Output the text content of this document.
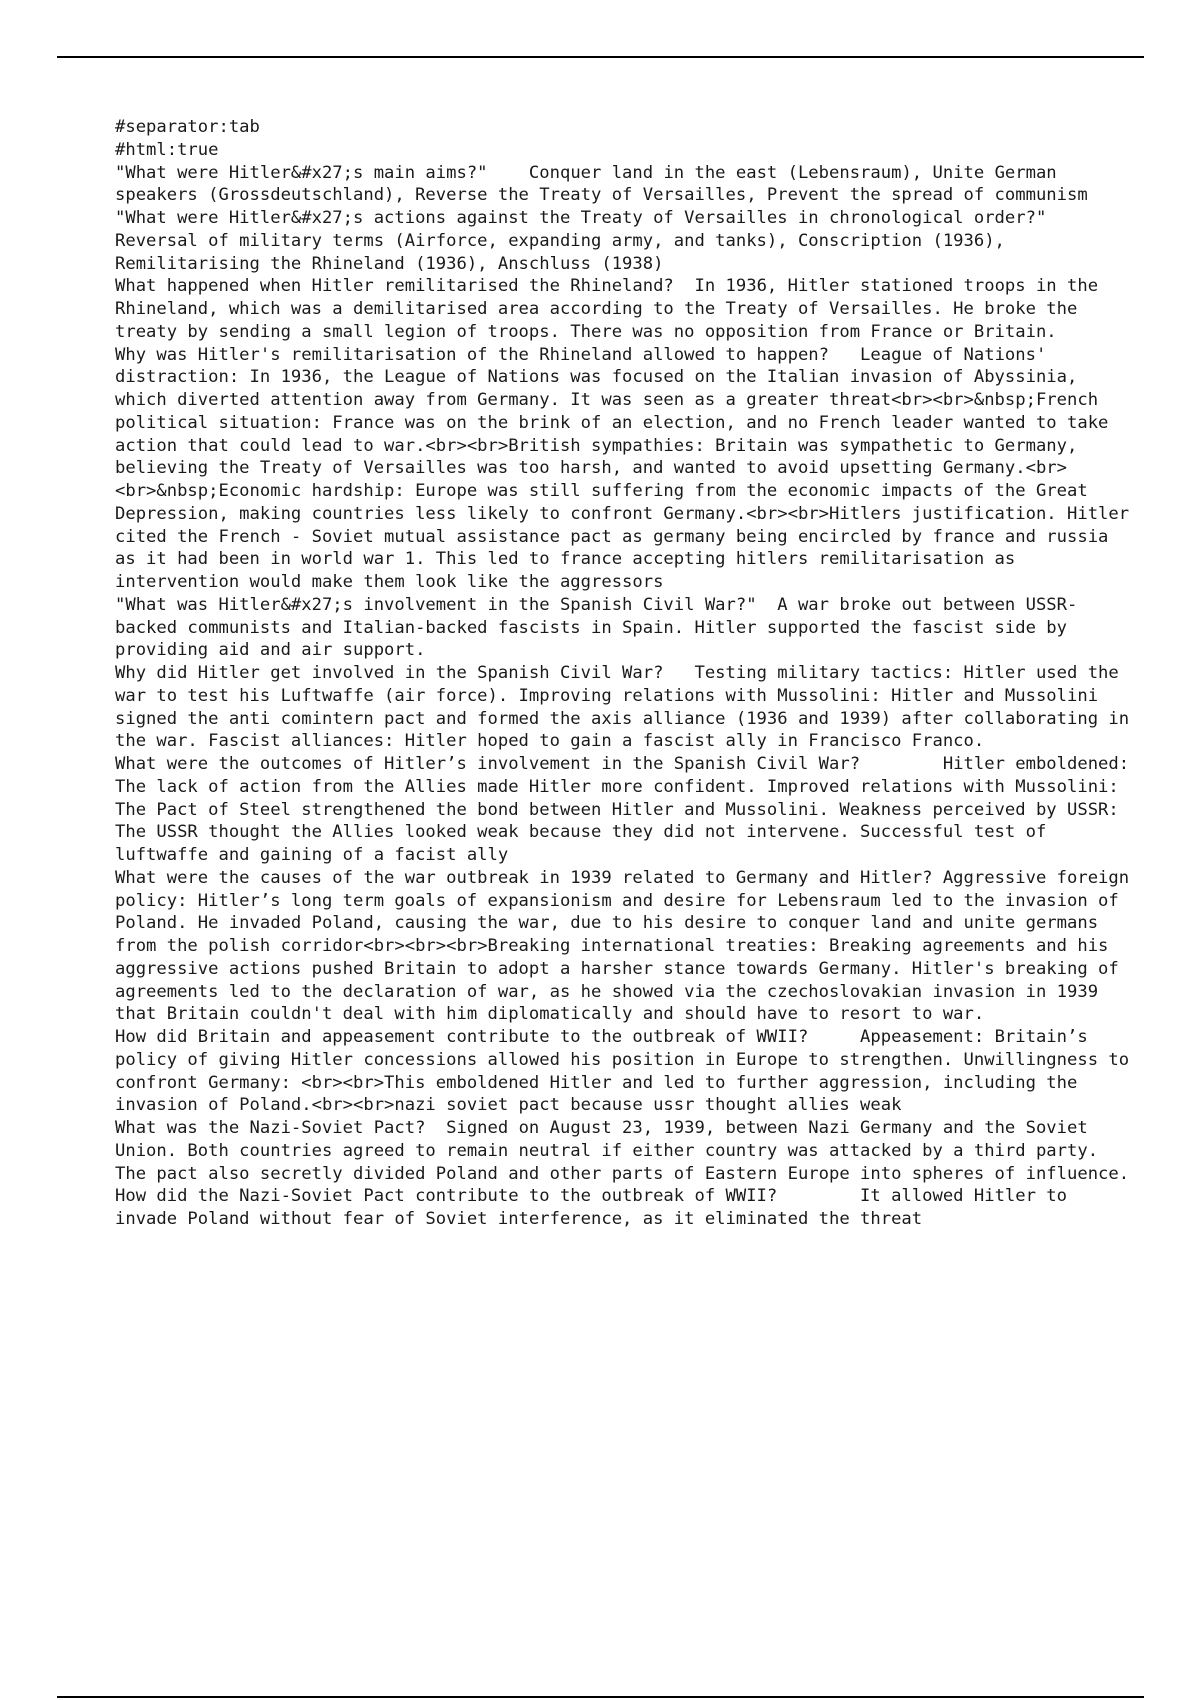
#separator:tab
#html:true
"What were Hitler&#x27;s main aims?"	Conquer land in the east (Lebensraum), Unite German speakers (Grossdeutschland), Reverse the Treaty of Versailles, Prevent the spread of communism
"What were Hitler&#x27;s actions against the Treaty of Versailles in chronological order?"	Reversal of military terms (Airforce, expanding army, and tanks), Conscription (1936), Remilitarising the Rhineland (1936), Anschluss (1938)
What happened when Hitler remilitarised the Rhineland?	In 1936, Hitler stationed troops in the Rhineland, which was a demilitarised area according to the Treaty of Versailles. He broke the treaty by sending a small legion of troops. There was no opposition from France or Britain.
Why was Hitler's remilitarisation of the Rhineland allowed to happen?	League of Nations' distraction: In 1936, the League of Nations was focused on the Italian invasion of Abyssinia, which diverted attention away from Germany. It was seen as a greater threat<br><br>&nbsp;French political situation: France was on the brink of an election, and no French leader wanted to take action that could lead to war.<br><br>British sympathies: Britain was sympathetic to Germany, believing the Treaty of Versailles was too harsh, and wanted to avoid upsetting Germany.<br><br>&nbsp;Economic hardship: Europe was still suffering from the economic impacts of the Great Depression, making countries less likely to confront Germany.<br><br>Hitlers justification. Hitler cited the French - Soviet mutual assistance pact as germany being encircled by france and russia as it had been in world war 1. This led to france accepting hitlers remilitarisation as intervention would make them look like the aggressors
"What was Hitler&#x27;s involvement in the Spanish Civil War?"	A war broke out between USSR-backed communists and Italian-backed fascists in Spain. Hitler supported the fascist side by providing aid and air support.
Why did Hitler get involved in the Spanish Civil War?	Testing military tactics: Hitler used the war to test his Luftwaffe (air force). Improving relations with Mussolini: Hitler and Mussolini signed the anti comintern pact and formed the axis alliance (1936 and 1939) after collaborating in the war. Fascist alliances: Hitler hoped to gain a fascist ally in Francisco Franco.
What were the outcomes of Hitler’s involvement in the Spanish Civil War?	Hitler emboldened: The lack of action from the Allies made Hitler more confident. Improved relations with Mussolini: The Pact of Steel strengthened the bond between Hitler and Mussolini. Weakness perceived by USSR: The USSR thought the Allies looked weak because they did not intervene. Successful test of luftwaffe and gaining of a facist ally
What were the causes of the war outbreak in 1939 related to Germany and Hitler?	Aggressive foreign policy: Hitler’s long term goals of expansionism and desire for Lebensraum led to the invasion of Poland. He invaded Poland, causing the war, due to his desire to conquer land and unite germans from the polish corridor<br><br><br>Breaking international treaties: Breaking agreements and his aggressive actions pushed Britain to adopt a harsher stance towards Germany. Hitler's breaking of agreements led to the declaration of war, as he showed via the czechoslovakian invasion in 1939 that Britain couldn't deal with him diplomatically and should have to resort to war.
How did Britain and appeasement contribute to the outbreak of WWII?	Appeasement: Britain’s policy of giving Hitler concessions allowed his position in Europe to strengthen. Unwillingness to confront Germany: <br><br>This emboldened Hitler and led to further aggression, including the invasion of Poland.<br><br>nazi soviet pact because ussr thought allies weak
What was the Nazi-Soviet Pact?	Signed on August 23, 1939, between Nazi Germany and the Soviet Union. Both countries agreed to remain neutral if either country was attacked by a third party. The pact also secretly divided Poland and other parts of Eastern Europe into spheres of influence.
How did the Nazi-Soviet Pact contribute to the outbreak of WWII?	It allowed Hitler to invade Poland without fear of Soviet interference, as it eliminated the threat
